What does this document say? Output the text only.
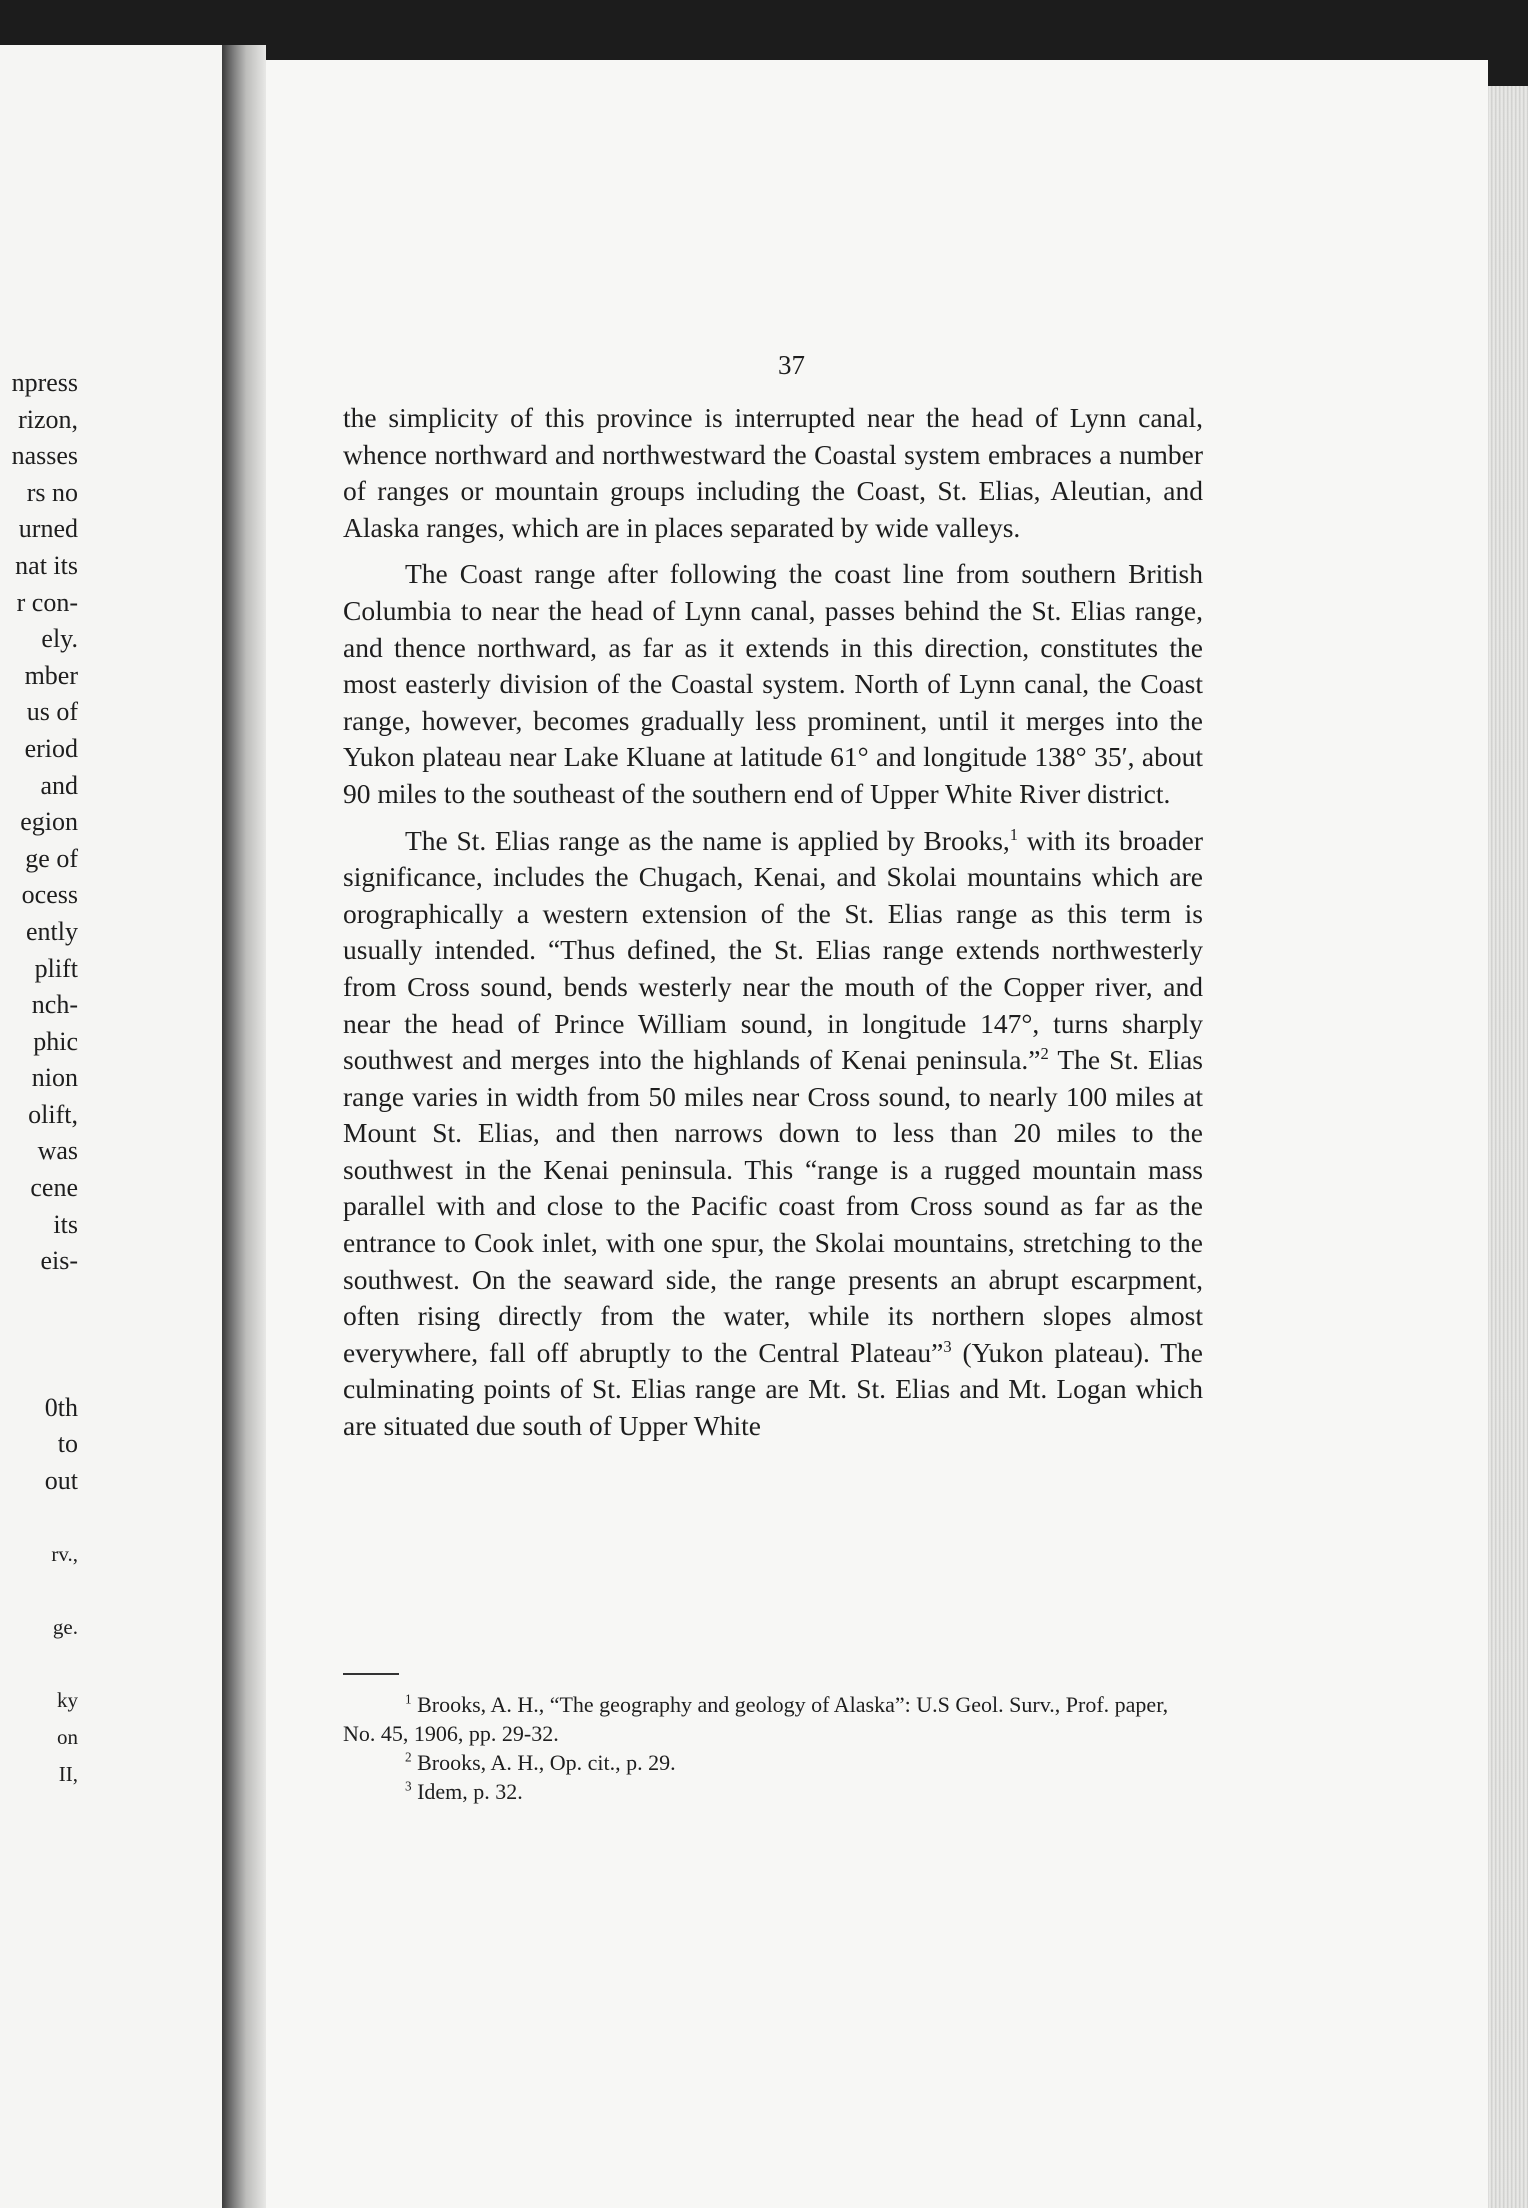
npress
rizon,
nasses
rs no
urned
nat its
r con-
ely.
mber
us of
eriod
and
egion
ge of
ocess
ently
plift
nch-
phic
nion
olift,
was
cene
its
eis-
0th
to
out
rv.,
ge.
ky
on
II,
37

the simplicity of this province is interrupted near the head of Lynn canal, whence northward and northwestward the Coastal system embraces a number of ranges or mountain groups including the Coast, St. Elias, Aleutian, and Alaska ranges, which are in places separated by wide valleys.

The Coast range after following the coast line from southern British Columbia to near the head of Lynn canal, passes behind the St. Elias range, and thence northward, as far as it extends in this direction, constitutes the most easterly division of the Coastal system. North of Lynn canal, the Coast range, however, becomes gradually less prominent, until it merges into the Yukon plateau near Lake Kluane at latitude 61° and longitude 138° 35′, about 90 miles to the southeast of the southern end of Upper White River district.

The St. Elias range as the name is applied by Brooks,$^1$ with its broader significance, includes the Chugach, Kenai, and Skolai mountains which are orographically a western extension of the St. Elias range as this term is usually intended. “Thus defined, the St. Elias range extends northwesterly from Cross sound, bends westerly near the mouth of the Copper river, and near the head of Prince William sound, in longitude 147°, turns sharply southwest and merges into the highlands of Kenai peninsula.”$^2$ The St. Elias range varies in width from 50 miles near Cross sound, to nearly 100 miles at Mount St. Elias, and then narrows down to less than 20 miles to the southwest in the Kenai peninsula. This “range is a rugged mountain mass parallel with and close to the Pacific coast from Cross sound as far as the entrance to Cook inlet, with one spur, the Skolai mountains, stretching to the southwest. On the seaward side, the range presents an abrupt escarpment, often rising directly from the water, while its northern slopes almost everywhere, fall off abruptly to the Central Plateau”$^3$ (Yukon plateau). The culminating points of St. Elias range are Mt. St. Elias and Mt. Logan which are situated due south of Upper White

$^1$ Brooks, A. H., “The geography and geology of Alaska”: U.S Geol. Surv., Prof. paper, No. 45, 1906, pp. 29-32.
$^2$ Brooks, A. H., Op. cit., p. 29.
$^3$ Idem, p. 32.
